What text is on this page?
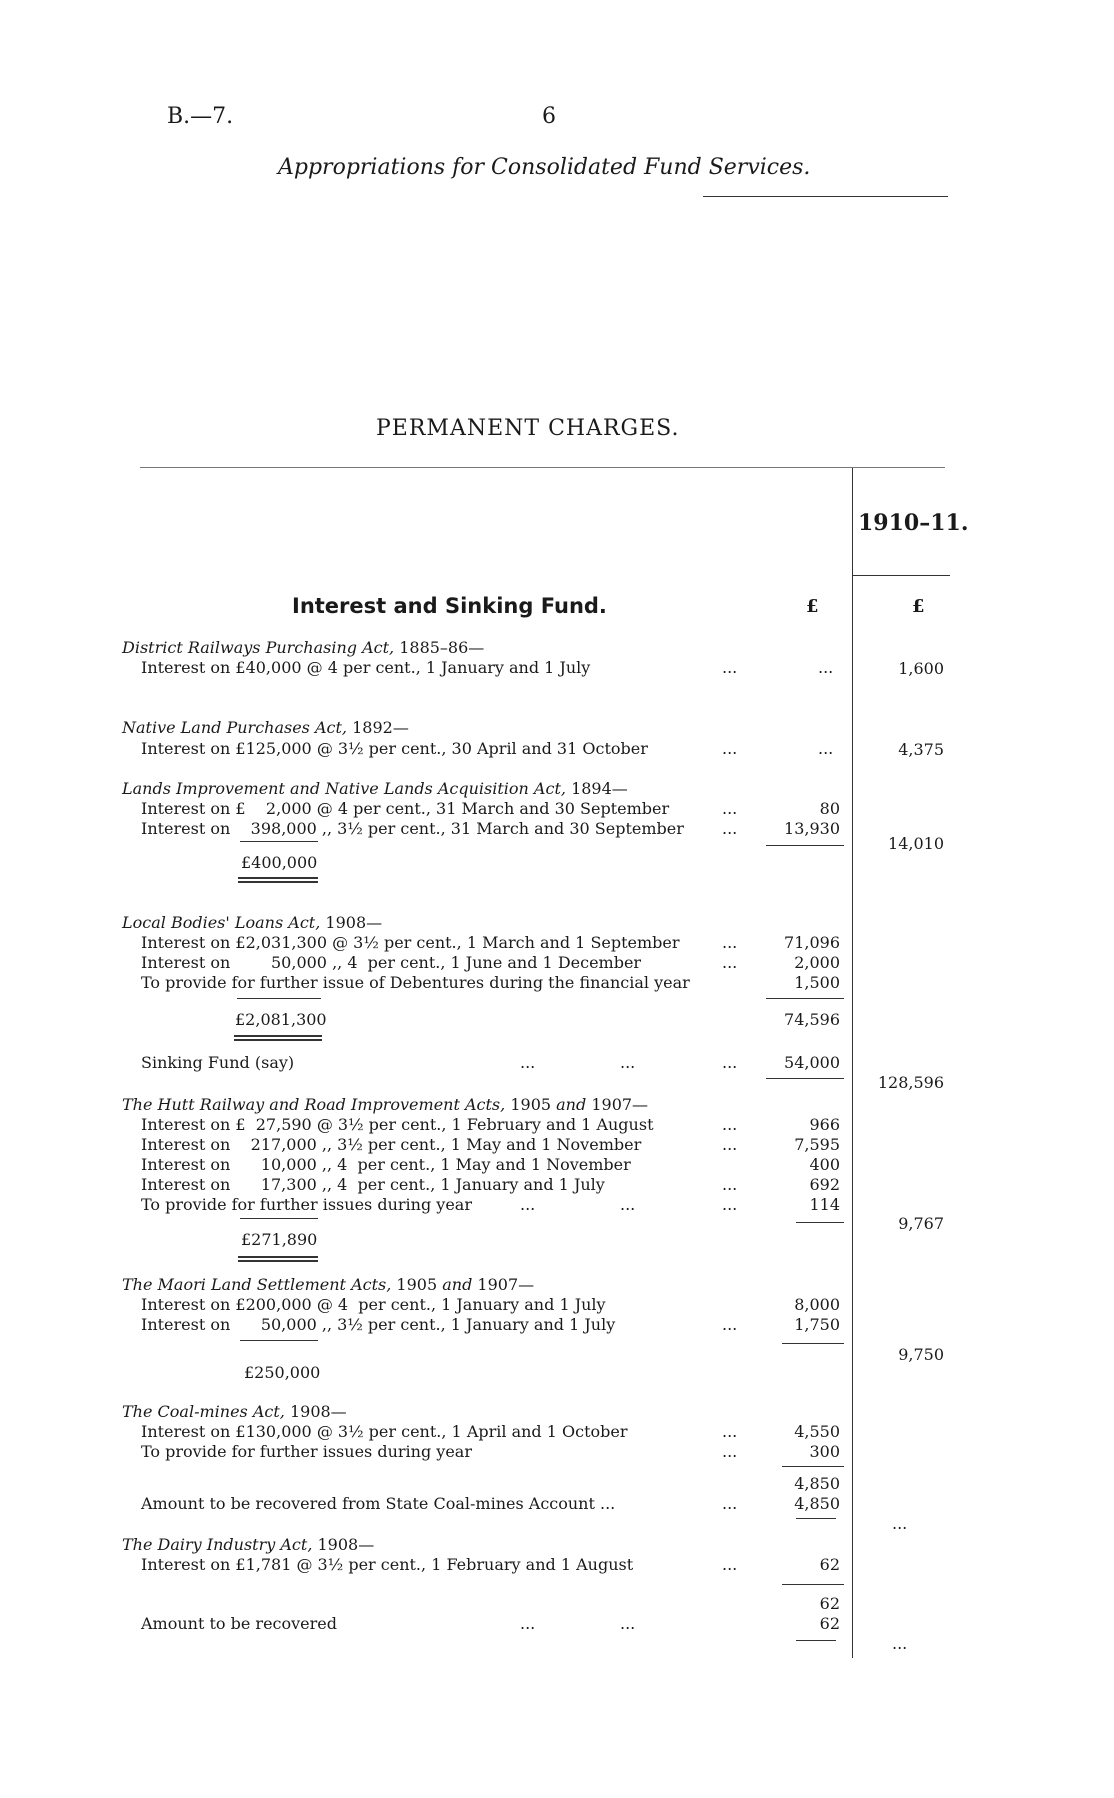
B.—7.	6
Appropriations for Consolidated Fund Services.
PERMANENT CHARGES.
1910–11.
Interest and Sinking Fund.	£	£
District Railways Purchasing Act, 1885–86—
Interest on £40,000 @ 4 per cent., 1 January and 1 July	...	...	1,600
Native Land Purchases Act, 1892—
Interest on £125,000 @ 3½ per cent., 30 April and 31 October	...	...	4,375
Lands Improvement and Native Lands Acquisition Act, 1894—
Interest on £    2,000 @ 4 per cent., 31 March and 30 September	...	80
Interest on    398,000 ,, 3½ per cent., 31 March and 30 September ...	13,930
14,010
£400,000
Local Bodies' Loans Act, 1908—
Interest on £2,031,300 @ 3½ per cent., 1 March and 1 September	...	71,096
Interest on        50,000 ,, 4  per cent., 1 June and 1 December	...	2,000
To provide for further issue of Debentures during the financial year	1,500
£2,081,300	74,596
Sinking Fund (say)	...	...	...	54,000
128,596
The Hutt Railway and Road Improvement Acts, 1905 and 1907—
Interest on £  27,590 @ 3½ per cent., 1 February and 1 August	...	966
Interest on    217,000 ,, 3½ per cent., 1 May and 1 November	...	7,595
Interest on      10,000 ,, 4  per cent., 1 May and 1 November	400
Interest on      17,300 ,, 4  per cent., 1 January and 1 July	...	692
To provide for further issues during year	...	...	...	114
9,767
£271,890
The Maori Land Settlement Acts, 1905 and 1907—
Interest on £200,000 @ 4  per cent., 1 January and 1 July	8,000
Interest on      50,000 ,, 3½ per cent., 1 January and 1 July	...	1,750
9,750
£250,000
The Coal-mines Act, 1908—
Interest on £130,000 @ 3½ per cent., 1 April and 1 October	...	4,550
To provide for further issues during year	...	300
4,850
Amount to be recovered from State Coal-mines Account ...	...	4,850
...
The Dairy Industry Act, 1908—
Interest on £1,781 @ 3½ per cent., 1 February and 1 August	...	62
62
Amount to be recovered	...	...	62
...
